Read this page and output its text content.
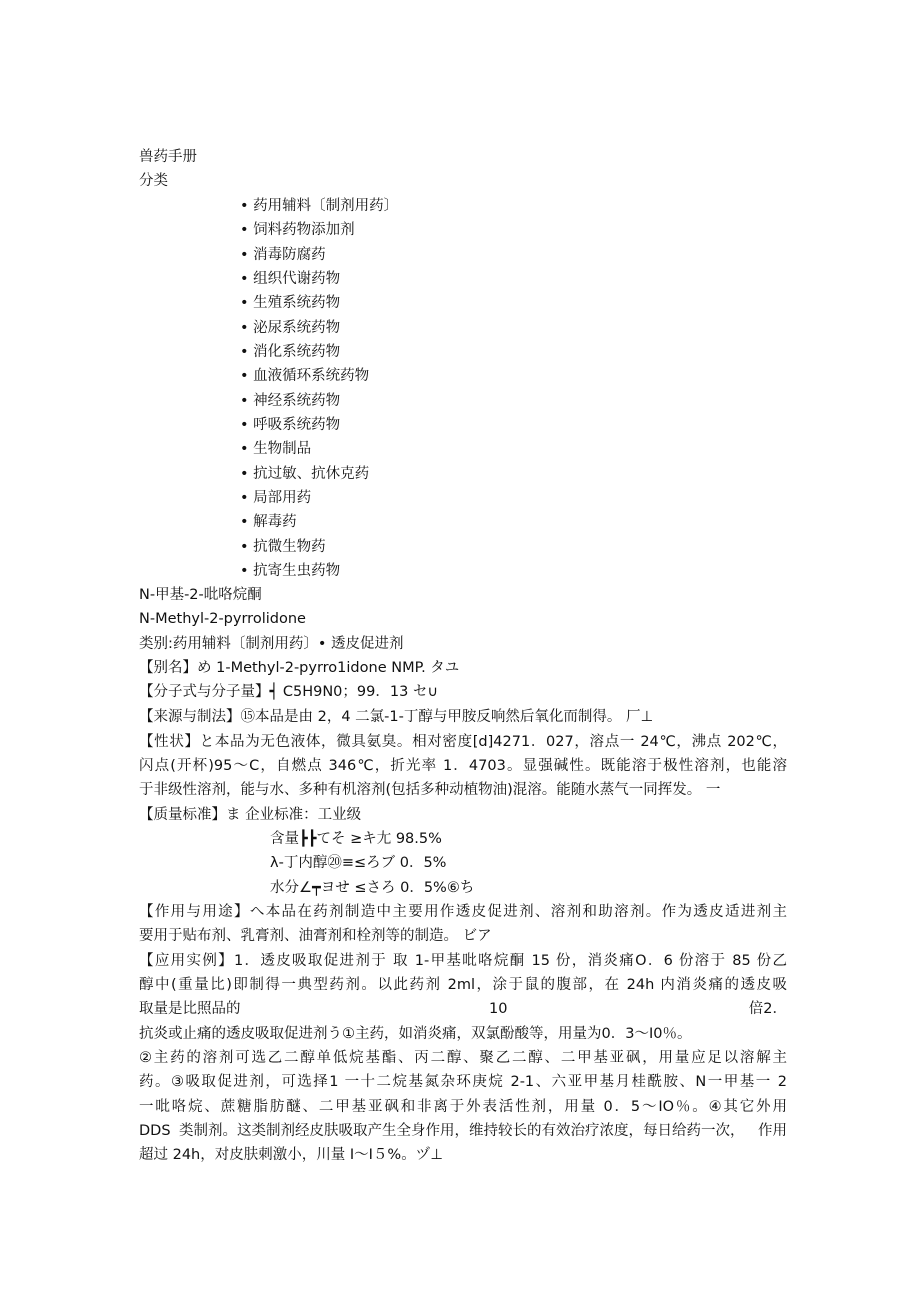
兽药手册
分类
• 药用辅料〔制剂用药〕
• 饲料药物添加剂
• 消毒防腐药
• 组织代谢药物
• 生殖系统药物
• 泌尿系统药物
• 消化系统药物
• 血液循环系统药物
• 神经系统药物
• 呼吸系统药物
• 生物制品
• 抗过敏、抗休克药
• 局部用药
• 解毒药
• 抗微生物药
• 抗寄生虫药物
N-甲基-2-吡咯烷酮
N-Methyl-2-pyrrolidone
类别:药用辅料〔制剂用药〕• 透皮促进剂
【别名】め 1-Methyl-2-pyrro1idone NMP. タユ
【分子式与分子量】┥ C5H9N0；99．13 セ∪
【来源与制法】⑮本品是由 2，4 二氯-1-丁醇与甲胺反响然后氧化而制得。 厂⊥
【性状】と本品为无色液体，微具氨臭。相对密度[d]4271．027，溶点一 24℃，沸点 202℃，
闪点(开杯)95～C，自燃点 346℃，折光率 1．4703。显强碱性。既能溶于极性溶剂，也能溶
于非级性溶剂，能与水、多种有机溶剂(包括多种动植物油)混溶。能随水蒸气一同挥发。 一
【质量标准】ま 企业标准：工业级
含量┣┣てそ ≥キ尢 98.5%
λ-丁内醇⑳≡≤ろブ 0．5%
水分∠┯ヨせ ≤さろ 0．5%⑥ち
【作用与用途】へ本品在药剂制造中主要用作透皮促进剂、溶剂和助溶剂。作为透皮适进剂主
要用于贴布剂、乳膏剂、油膏剂和栓剂等的制造。 ビア
【应用实例】1．透皮吸取促进剂于 取 1-甲基吡咯烷酮 15 份，消炎痛O．6 份溶于 85 份乙
醇中(重量比)即制得一典型药剂。以此药剂 2ml，涂于鼠的腹部，在 24h 内消炎痛的透皮吸
取量是比照品的	10	倍2．
抗炎或止痛的透皮吸取促进剂う①主药，如消炎痛，双氯酚酸等，用量为0．3～I0％。
②主药的溶剂可选乙二醇单低烷基酯、丙二醇、聚乙二醇、二甲基亚砜，用量应足以溶解主
药。③吸取促进剂，可选择1 一十二烷基氮杂环庚烷 2-1、六亚甲基月桂酰胺、N一甲基一 2
一吡咯烷、蔗糖脂肪醚、二甲基亚砜和非离于外表活性剂，用量 0．5～IO％。④其它外用
DDS 类制剂。这类制剂经皮肤吸取产生全身作用，维持较长的有效治疗浓度，每日给药一次， 作用
超过 24h，对皮肤刺激小，川量 I～I５%。ヅ⊥
